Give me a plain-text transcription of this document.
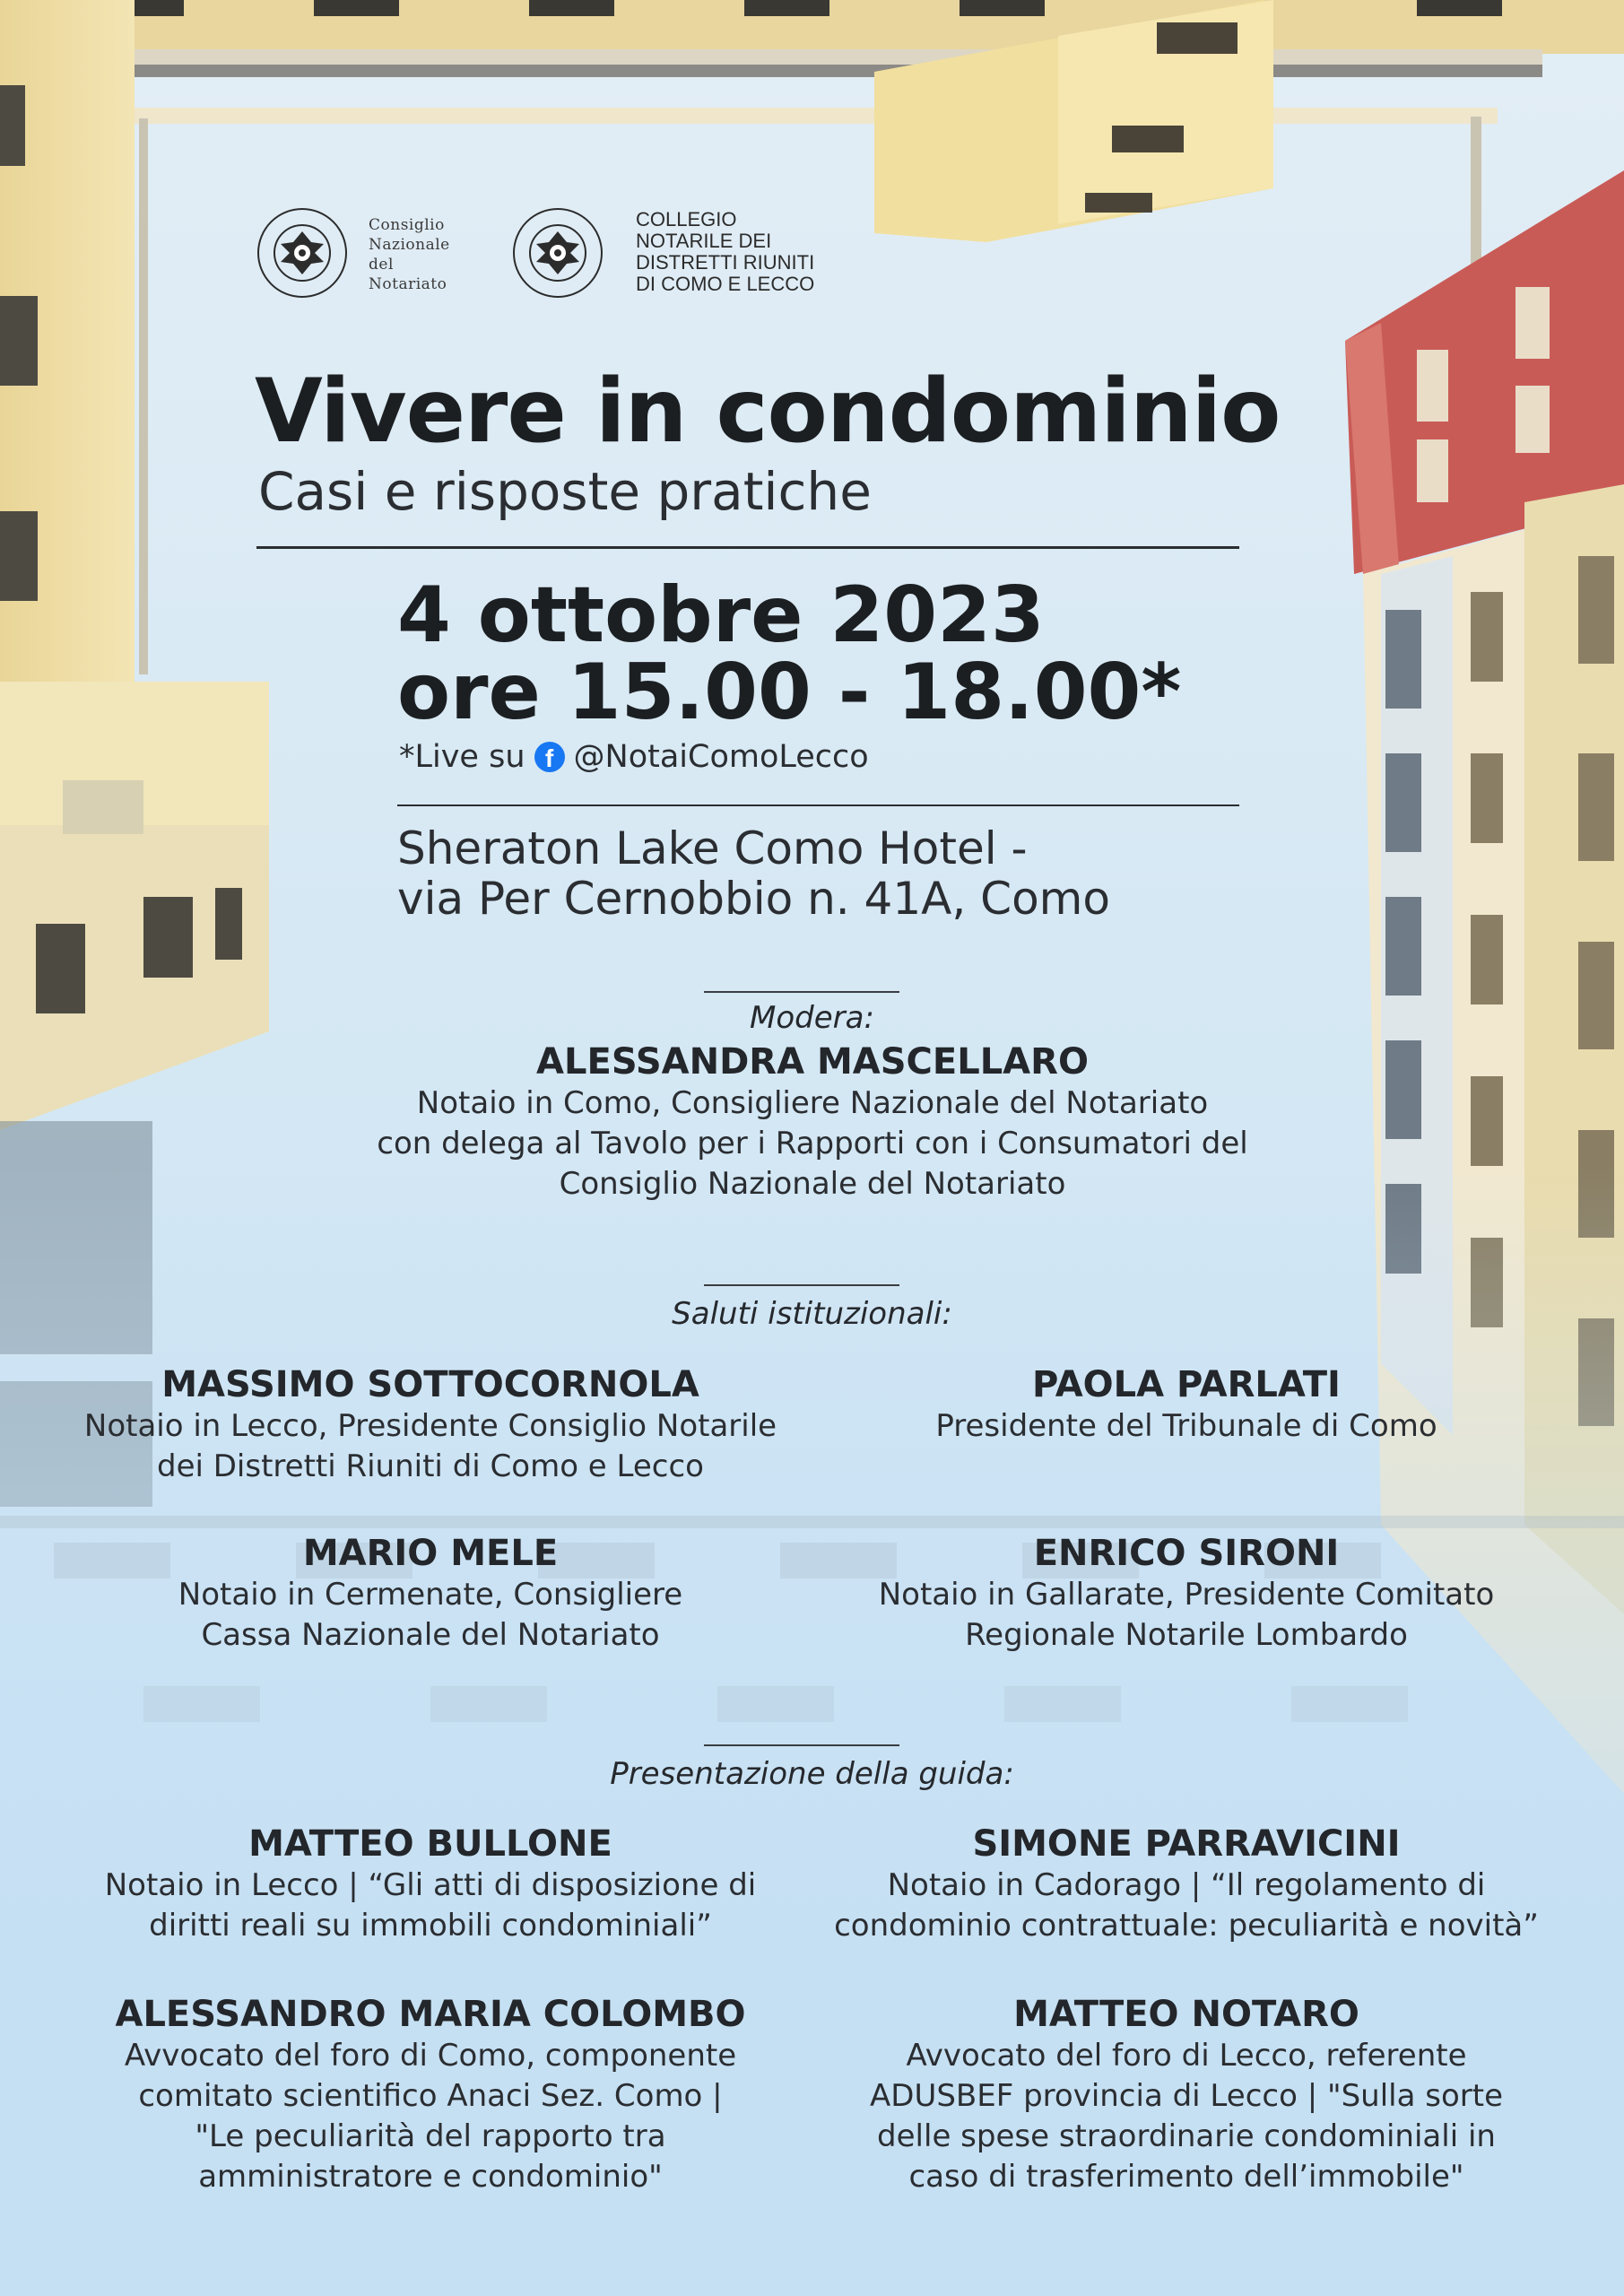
Consiglio
Nazionale
del
Notariato
COLLEGIO
NOTARILE DEI
DISTRETTI RIUNITI
DI COMO E LECCO
Vivere in condominio
Casi e risposte pratiche
4 ottobre 2023
ore 15.00 - 18.00*
*Live su f @NotaiComoLecco
Sheraton Lake Como Hotel -
via Per Cernobbio n. 41A, Como
Modera:
ALESSANDRA MASCELLARO
Notaio in Como, Consigliere Nazionale del Notariato
con delega al Tavolo per i Rapporti con i Consumatori del
Consiglio Nazionale del Notariato
Saluti istituzionali:
MASSIMO SOTTOCORNOLA
Notaio in Lecco, Presidente Consiglio Notarile
dei Distretti Riuniti di Como e Lecco
PAOLA PARLATI
Presidente del Tribunale di Como
MARIO MELE
Notaio in Cermenate, Consigliere
Cassa Nazionale del Notariato
ENRICO SIRONI
Notaio in Gallarate, Presidente Comitato
Regionale Notarile Lombardo
Presentazione della guida:
MATTEO BULLONE
Notaio in Lecco | “Gli atti di disposizione di
diritti reali su immobili condominiali”
SIMONE PARRAVICINI
Notaio in Cadorago | “Il regolamento di
condominio contrattuale: peculiarità e novità”
ALESSANDRO MARIA COLOMBO
Avvocato del foro di Como, componente
comitato scientifico Anaci Sez. Como |
"Le peculiarità del rapporto tra
amministratore e condominio"
MATTEO NOTARO
Avvocato del foro di Lecco, referente
ADUSBEF provincia di Lecco | "Sulla sorte
delle spese straordinarie condominiali in
caso di trasferimento dell’immobile"
